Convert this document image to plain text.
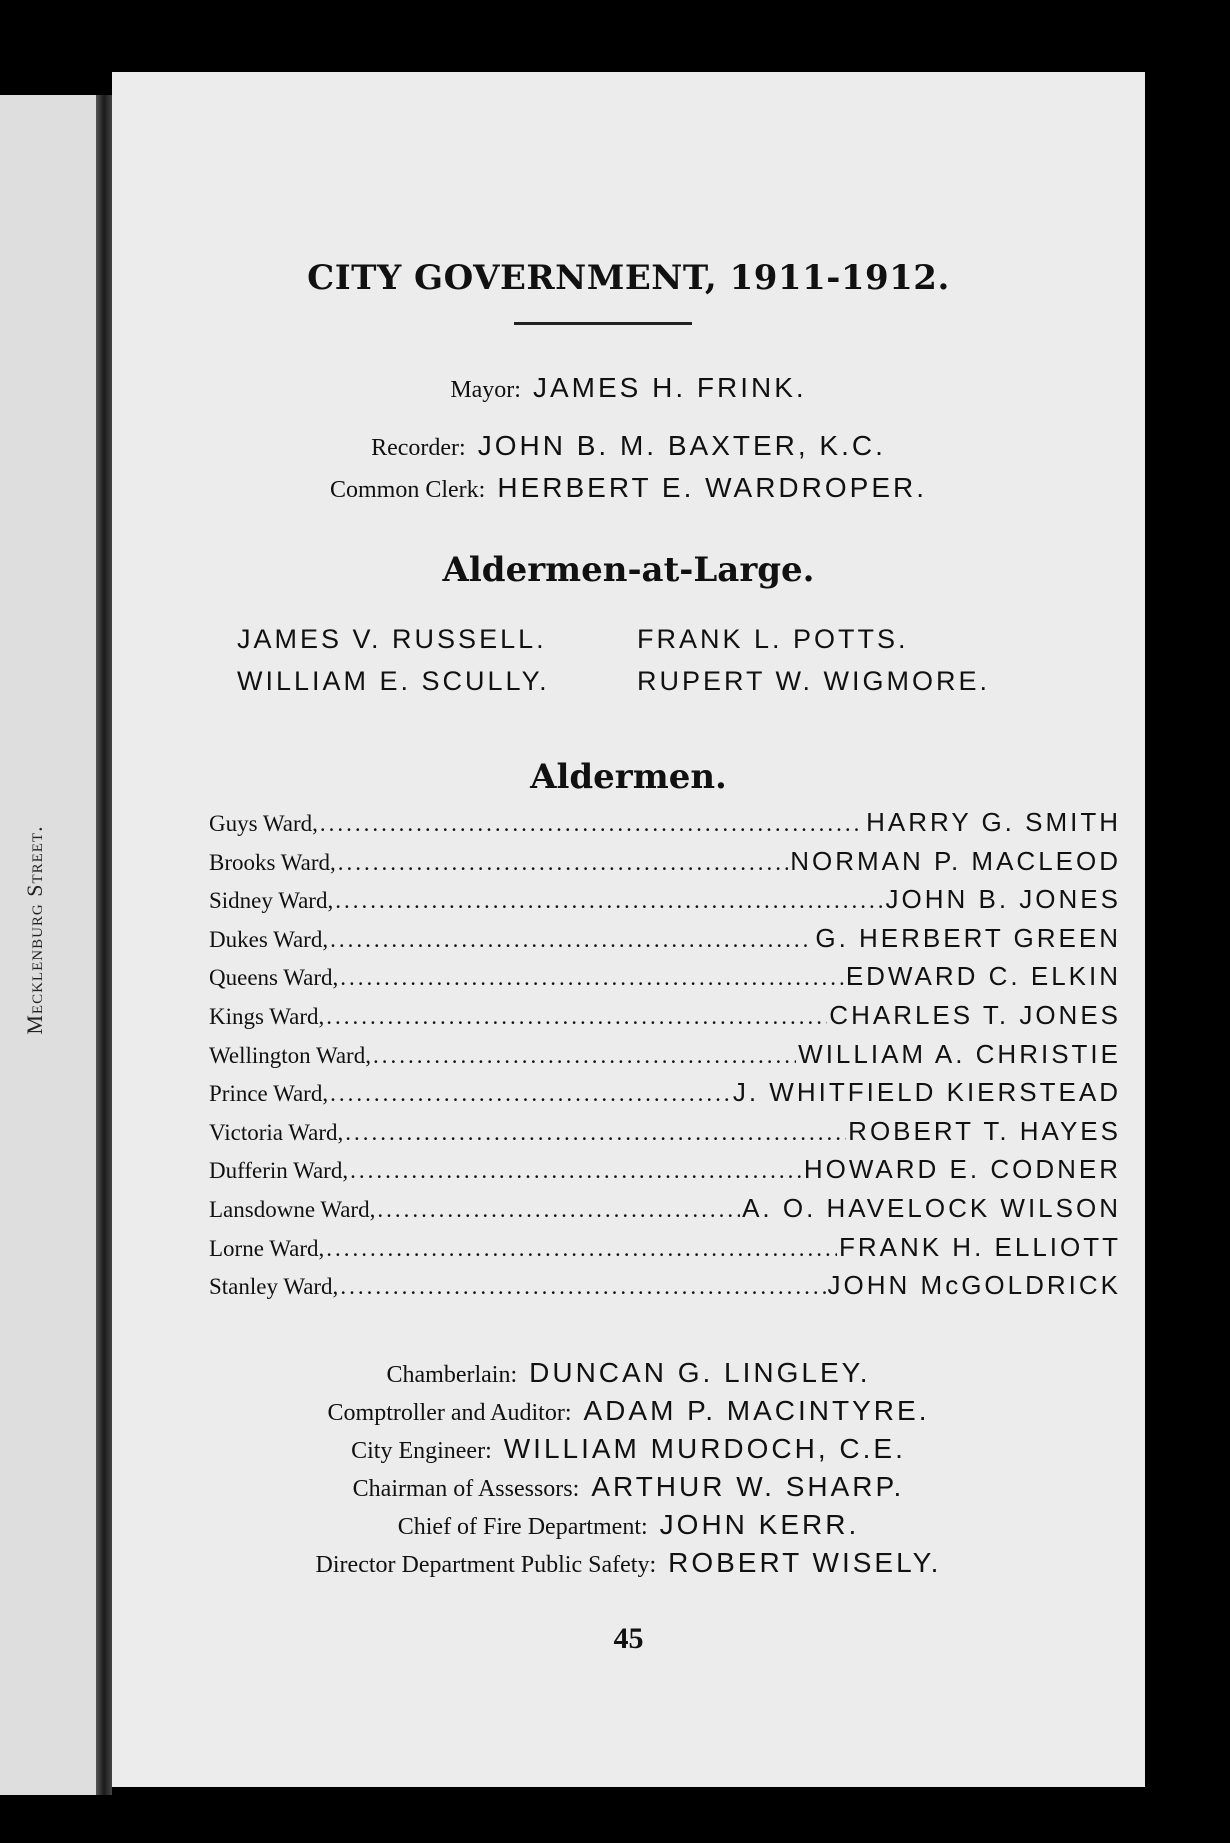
Mecklenburg Street.
CITY GOVERNMENT, 1911-1912.
Mayor: JAMES H. FRINK.
Recorder: JOHN B. M. BAXTER, K.C.
Common Clerk: HERBERT E. WARDROPER.
Aldermen-at-Large.
JAMES V. RUSSELL.	FRANK L. POTTS.
WILLIAM E. SCULLY.	RUPERT W. WIGMORE.
Aldermen.
Guys Ward, .....	HARRY G. SMITH
Brooks Ward, .....	NORMAN P. MACLEOD
Sidney Ward, .....	JOHN B. JONES
Dukes Ward, .....	G. HERBERT GREEN
Queens Ward, .....	EDWARD C. ELKIN
Kings Ward, .....	CHARLES T. JONES
Wellington Ward, .....	WILLIAM A. CHRISTIE
Prince Ward, .....	J. WHITFIELD KIERSTEAD
Victoria Ward, .....	ROBERT T. HAYES
Dufferin Ward, .....	HOWARD E. CODNER
Lansdowne Ward, .....	A. O. HAVELOCK WILSON
Lorne Ward, .....	FRANK H. ELLIOTT
Stanley Ward, .....	JOHN McGOLDRICK
Chamberlain: DUNCAN G. LINGLEY.
Comptroller and Auditor: ADAM P. MACINTYRE.
City Engineer: WILLIAM MURDOCH, C.E.
Chairman of Assessors: ARTHUR W. SHARP.
Chief of Fire Department: JOHN KERR.
Director Department Public Safety: ROBERT WISELY.
45
